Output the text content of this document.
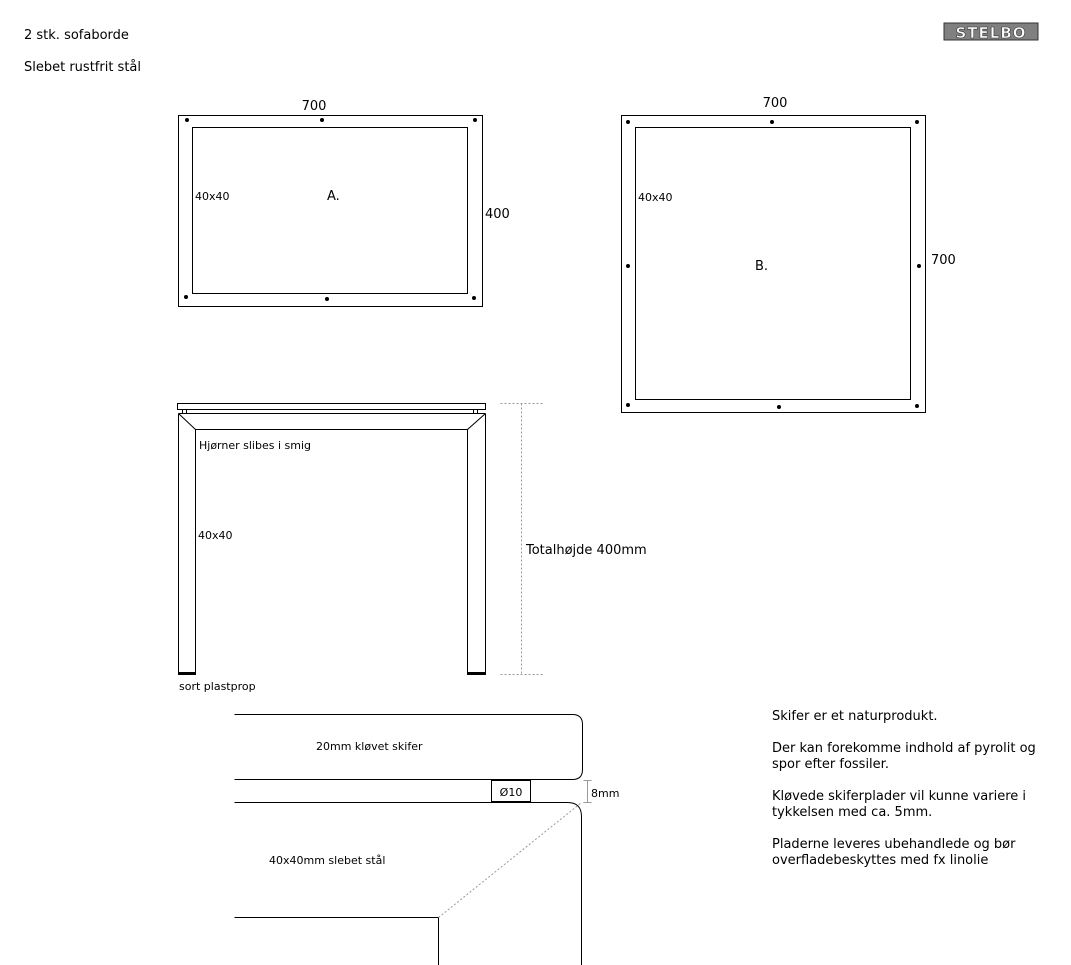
2 stk. sofaborde
Slebet rustfrit stål
STELBO
700
400
40x40	A.
700
700
40x40
B.
Hjørner slibes i smig
40x40
sort plastprop
Totalhøjde 400mm
20mm kløvet skifer
Ø10	8mm
40x40mm slebet stål
Skifer er et naturprodukt.
Der kan forekomme indhold af pyrolit og
spor efter fossiler.
Kløvede skiferplader vil kunne variere i
tykkelsen med ca. 5mm.
Pladerne leveres ubehandlede og bør
overfladebeskyttes med fx linolie
